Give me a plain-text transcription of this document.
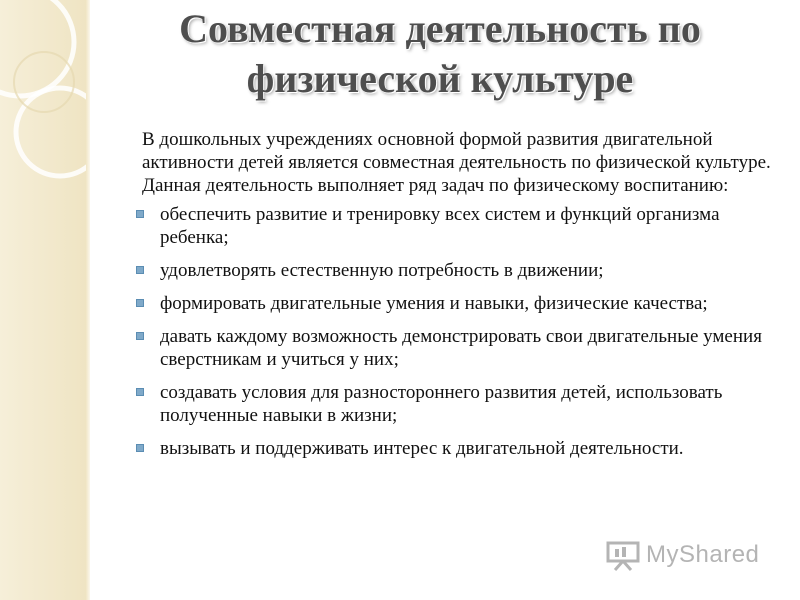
Совместная деятельность по физической культуре

В дошкольных учреждениях основной формой развития двигательной активности детей является совместная деятельность по физической культуре. Данная деятельность выполняет ряд задач по физическому воспитанию:

обеспечить развитие и тренировку всех систем и функций организма ребенка;
удовлетворять естественную потребность в движении;
формировать двигательные умения и навыки, физические качества;
давать каждому возможность демонстрировать свои двигательные умения сверстникам и учиться у них;
создавать условия для разностороннего развития детей, использовать полученные навыки в жизни;
вызывать и поддерживать интерес к двигательной деятельности.
MyShared
